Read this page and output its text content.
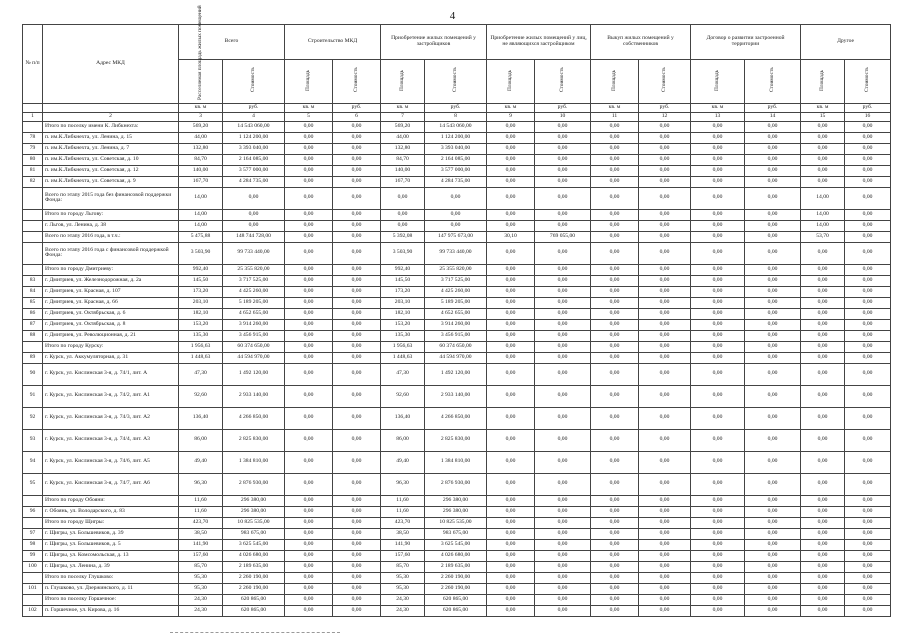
4
№ п/п	Адрес МКД	Всего		Строительство МКД		Приобретение жилых помещений у застройщиков		Приобретение жилых помещений у лиц, не являющихся застройщиком		Выкуп жилых помещений у собственников		Договор о развитии застроенной территории		Другое	
		Расселяемая площадь жилых помещений	Стоимость	Площадь	Стоимость	Площадь	Стоимость	Площадь	Стоимость	Площадь	Стоимость	Площадь	Стоимость	Площадь	Стоимость
		кв. м	руб.	кв. м	руб.	кв. м	руб.	кв. м	руб.	кв. м	руб.	кв. м	руб.	кв. м	руб.
1	2	3	4	5	6	7	8	9	10	11	12	13	14	15	16
	Итого по поселку имени К. Либкнехта:	569,20	14 543 060,00	0,00	0,00	569,20	14 543 060,00	0,00	0,00	0,00	0,00	0,00	0,00	0,00	0,00
78	п. им.К.Либкнехта, ул. Ленина, д. 15	44,00	1 124 200,00	0,00	0,00	44,00	1 124 200,00	0,00	0,00	0,00	0,00	0,00	0,00	0,00	0,00
79	п. им.К.Либкнехта, ул. Ленина, д. 7	132,80	3 393 040,00	0,00	0,00	132,80	3 393 040,00	0,00	0,00	0,00	0,00	0,00	0,00	0,00	0,00
80	п. им.К.Либкнехта, ул. Советская, д. 10	84,70	2 164 085,00	0,00	0,00	84,70	2 164 085,00	0,00	0,00	0,00	0,00	0,00	0,00	0,00	0,00
81	п. им.К.Либкнехта, ул. Советская, д. 12	140,00	3 577 000,00	0,00	0,00	140,00	3 577 000,00	0,00	0,00	0,00	0,00	0,00	0,00	0,00	0,00
82	п. им.К.Либкнехта, ул. Советская, д. 9	167,70	4 284 735,00	0,00	0,00	167,70	4 284 735,00	0,00	0,00	0,00	0,00	0,00	0,00	0,00	0,00
	Всего по этапу 2015 года без финансовой поддержки Фонда:	14,00	0,00	0,00	0,00	0,00	0,00	0,00	0,00	0,00	0,00	0,00	0,00	14,00	0,00
	Итого по городу Льгову:	14,00	0,00	0,00	0,00	0,00	0,00	0,00	0,00	0,00	0,00	0,00	0,00	14,00	0,00
	г. Льгов, ул. Ленина, д. 38	14,00	0,00	0,00	0,00	0,00	0,00	0,00	0,00	0,00	0,00	0,00	0,00	14,00	0,00
	Всего по этапу 2016 года, в т.ч.:	5 475,88	148 744 728,00	0,00	0,00	5 392,08	147 975 673,00	30,10	769 055,00	0,00	0,00	0,00	0,00	53,70	0,00
	Всего по этапу 2016 года с финансовой поддержкой Фонда:	3 503,90	99 733 440,00	0,00	0,00	3 503,90	99 733 440,00	0,00	0,00	0,00	0,00	0,00	0,00	0,00	0,00
	Итого по городу Дмитриеву:	992,40	25 355 820,00	0,00	0,00	992,40	25 355 820,00	0,00	0,00	0,00	0,00	0,00	0,00	0,00	0,00
83	г. Дмитриев, ул. Железнодорожная, д. 2а	145,50	3 717 525,00	0,00	0,00	145,50	3 717 525,00	0,00	0,00	0,00	0,00	0,00	0,00	0,00	0,00
84	г. Дмитриев, ул. Красная, д. 107	173,20	4 425 260,00	0,00	0,00	173,20	4 425 260,00	0,00	0,00	0,00	0,00	0,00	0,00	0,00	0,00
85	г. Дмитриев, ул. Красная, д. 66	203,10	5 189 205,00	0,00	0,00	203,10	5 189 205,00	0,00	0,00	0,00	0,00	0,00	0,00	0,00	0,00
86	г. Дмитриев, ул. Октябрьская, д. 6	182,10	4 652 655,00	0,00	0,00	182,10	4 652 655,00	0,00	0,00	0,00	0,00	0,00	0,00	0,00	0,00
87	г. Дмитриев, ул. Октябрьская, д. 8	153,20	3 914 260,00	0,00	0,00	153,20	3 914 260,00	0,00	0,00	0,00	0,00	0,00	0,00	0,00	0,00
88	г. Дмитриев, ул. Революционная, д. 21	135,30	3 456 915,00	0,00	0,00	135,30	3 456 915,00	0,00	0,00	0,00	0,00	0,00	0,00	0,00	0,00
	Итого по городу Курску:	1 956,63	60 374 650,00	0,00	0,00	1 956,63	60 374 650,00	0,00	0,00	0,00	0,00	0,00	0,00	0,00	0,00
89	г. Курск, ул. Аккумуляторная, д. 31	1 448,63	44 594 970,00	0,00	0,00	1 448,63	44 594 970,00	0,00	0,00	0,00	0,00	0,00	0,00	0,00	0,00
90	г. Курск, ул. Кислинская 3-я, д. 74/1, лит. А	47,30	1 492 120,00	0,00	0,00	47,30	1 492 120,00	0,00	0,00	0,00	0,00	0,00	0,00	0,00	0,00
91	г. Курск, ул. Кислинская 3-я, д. 74/2, лит. А1	92,60	2 933 140,00	0,00	0,00	92,60	2 933 140,00	0,00	0,00	0,00	0,00	0,00	0,00	0,00	0,00
92	г. Курск, ул. Кислинская 3-я, д. 74/3, лит. А2	136,40	4 266 850,00	0,00	0,00	136,40	4 266 850,00	0,00	0,00	0,00	0,00	0,00	0,00	0,00	0,00
93	г. Курск, ул. Кислинская 3-я, д. 74/4, лит. А3	86,00	2 825 830,00	0,00	0,00	86,00	2 825 830,00	0,00	0,00	0,00	0,00	0,00	0,00	0,00	0,00
94	г. Курск, ул. Кислинская 3-я, д. 74/6, лит. А5	49,40	1 384 810,00	0,00	0,00	49,40	1 384 810,00	0,00	0,00	0,00	0,00	0,00	0,00	0,00	0,00
95	г. Курск, ул. Кислинская 3-я, д. 74/7, лит. А6	96,30	2 876 930,00	0,00	0,00	96,30	2 876 930,00	0,00	0,00	0,00	0,00	0,00	0,00	0,00	0,00
	Итого по городу Обояни:	11,60	296 380,00	0,00	0,00	11,60	296 380,00	0,00	0,00	0,00	0,00	0,00	0,00	0,00	0,00
96	г. Обоянь, ул. Володарского, д. 83	11,60	296 380,00	0,00	0,00	11,60	296 380,00	0,00	0,00	0,00	0,00	0,00	0,00	0,00	0,00
	Итого по городу Щигры:	423,70	10 825 535,00	0,00	0,00	423,70	10 825 535,00	0,00	0,00	0,00	0,00	0,00	0,00	0,00	0,00
97	г. Щигры, ул. Большевиков, д. 39	38,50	983 675,00	0,00	0,00	38,50	983 675,00	0,00	0,00	0,00	0,00	0,00	0,00	0,00	0,00
98	г. Щигры, ул. Большевиков, д. 5	141,90	3 625 545,00	0,00	0,00	141,90	3 625 545,00	0,00	0,00	0,00	0,00	0,00	0,00	0,00	0,00
99	г. Щигры, ул. Комсомольская, д. 13	157,60	4 026 680,00	0,00	0,00	157,60	4 026 680,00	0,00	0,00	0,00	0,00	0,00	0,00	0,00	0,00
100	г. Щигры, ул. Ленина, д. 39	85,70	2 189 635,00	0,00	0,00	85,70	2 189 635,00	0,00	0,00	0,00	0,00	0,00	0,00	0,00	0,00
	Итого по поселку Глушково:	95,30	2 260 190,00	0,00	0,00	95,30	2 260 190,00	0,00	0,00	0,00	0,00	0,00	0,00	0,00	0,00
101	п. Глушково, ул. Дзержинского, д. 11	95,30	2 260 190,00	0,00	0,00	95,30	2 260 190,00	0,00	0,00	0,00	0,00	0,00	0,00	0,00	0,00
	Итого по поселку Горшечное:	24,30	620 865,00	0,00	0,00	24,30	620 865,00	0,00	0,00	0,00	0,00	0,00	0,00	0,00	0,00
102	п. Горшечное, ул. Кирова, д. 16	24,30	620 865,00	0,00	0,00	24,30	620 865,00	0,00	0,00	0,00	0,00	0,00	0,00	0,00	0,00
